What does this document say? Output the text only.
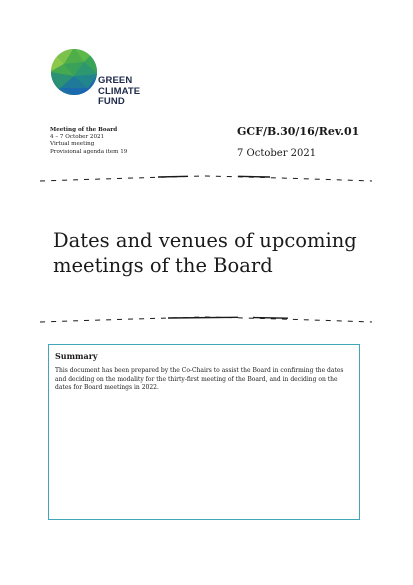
GREEN
CLIMATE
FUND
Meeting of the Board
4 – 7 October 2021
Virtual meeting
Provisional agenda item 19
GCF/B.30/16/Rev.01
7 October 2021
Dates and venues of upcoming meetings of the Board
Summary
This document has been prepared by the Co-Chairs to assist the Board in confirming the dates and deciding on the modality for the thirty-first meeting of the Board, and in deciding on the dates for Board meetings in 2022.
